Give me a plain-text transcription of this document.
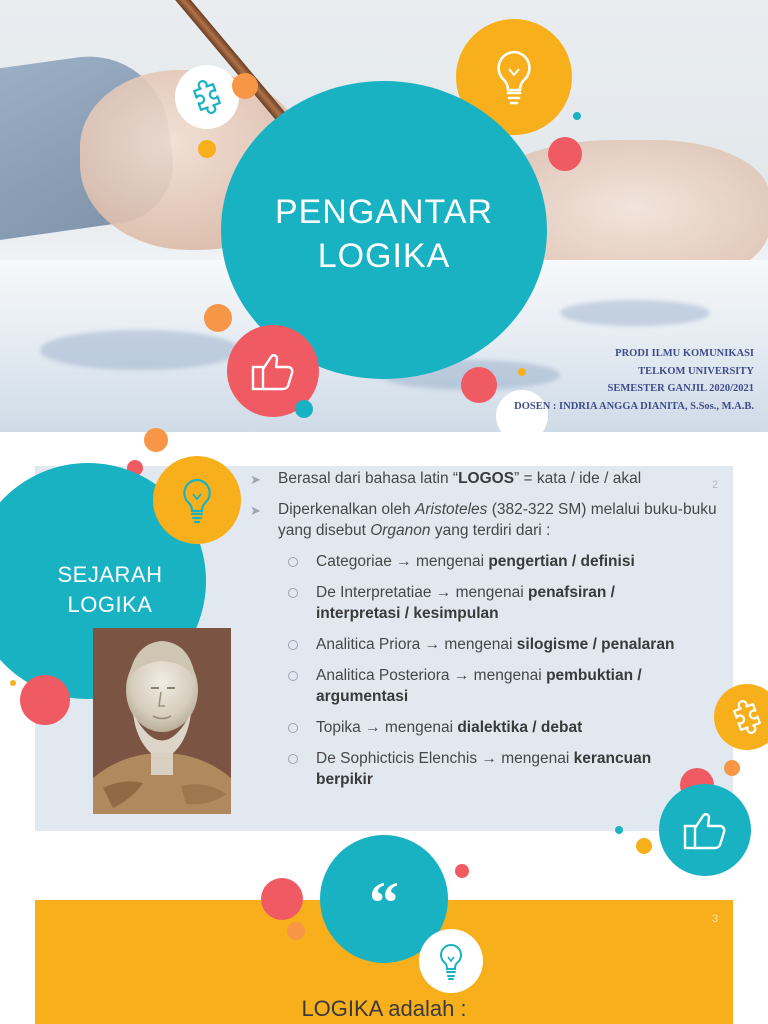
PENGANTAR
LOGIKA
PRODI ILMU KOMUNIKASI
TELKOM UNIVERSITY
SEMESTER GANJIL 2020/2021
DOSEN : INDRIA ANGGA DIANITA, S.Sos., M.A.B.
2
SEJARAH
LOGIKA
➤ Berasal dari bahasa latin “LOGOS” = kata / ide / akal
➤ Diperkenalkan oleh Aristoteles (382-322 SM) melalui buku-buku yang disebut Organon yang terdiri dari :
Categoriae → mengenai pengertian / definisi
De Interpretatiae → mengenai penafsiran / interpretasi / kesimpulan
Analitica Priora → mengenai silogisme / penalaran
Analitica Posteriora → mengenai pembuktian / argumentasi
Topika → mengenai dialektika / debat
De Sophicticis Elenchis → mengenai kerancuan berpikir
3
“
LOGIKA adalah :
